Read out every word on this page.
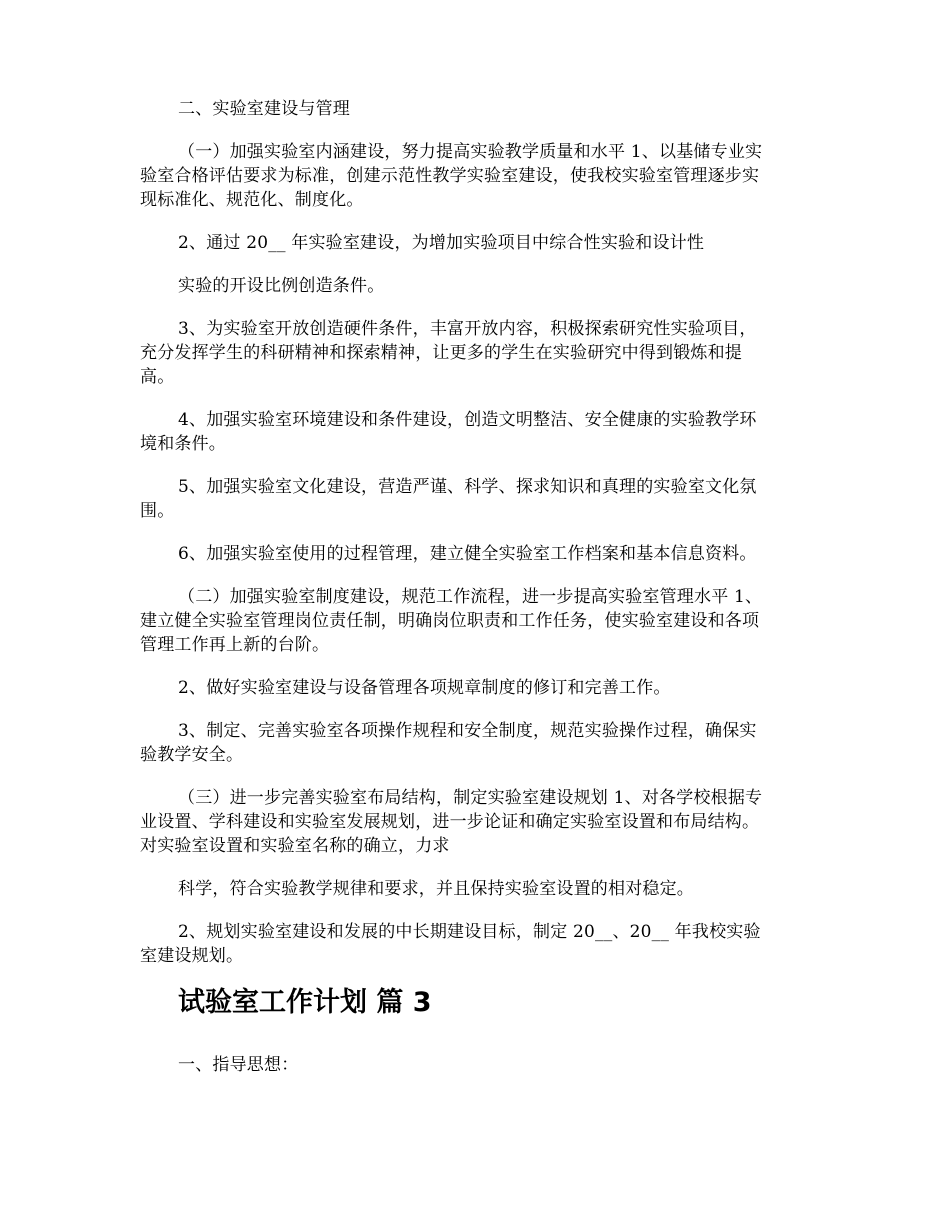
二、实验室建设与管理
（一）加强实验室内涵建设，努力提高实验教学质量和水平 1、以基储专业实
验室合格评估要求为标准，创建示范性教学实验室建设，使我校实验室管理逐步实
现标准化、规范化、制度化。
2、通过 20__ 年实验室建设，为增加实验项目中综合性实验和设计性
实验的开设比例创造条件。
3、为实验室开放创造硬件条件，丰富开放内容，积极探索研究性实验项目，
充分发挥学生的科研精神和探索精神，让更多的学生在实验研究中得到锻炼和提
高。
4、加强实验室环境建设和条件建设，创造文明整洁、安全健康的实验教学环
境和条件。
5、加强实验室文化建设，营造严谨、科学、探求知识和真理的实验室文化氛
围。
6、加强实验室使用的过程管理，建立健全实验室工作档案和基本信息资料。
（二）加强实验室制度建设，规范工作流程，进一步提高实验室管理水平 1、
建立健全实验室管理岗位责任制，明确岗位职责和工作任务，使实验室建设和各项
管理工作再上新的台阶。
2、做好实验室建设与设备管理各项规章制度的修订和完善工作。
3、制定、完善实验室各项操作规程和安全制度，规范实验操作过程，确保实
验教学安全。
（三）进一步完善实验室布局结构，制定实验室建设规划 1、对各学校根据专
业设置、学科建设和实验室发展规划，进一步论证和确定实验室设置和布局结构。
对实验室设置和实验室名称的确立，力求
科学，符合实验教学规律和要求，并且保持实验室设置的相对稳定。
2、规划实验室建设和发展的中长期建设目标，制定 20__、20__ 年我校实验
室建设规划。
试验室工作计划 篇 3
一、指导思想：
